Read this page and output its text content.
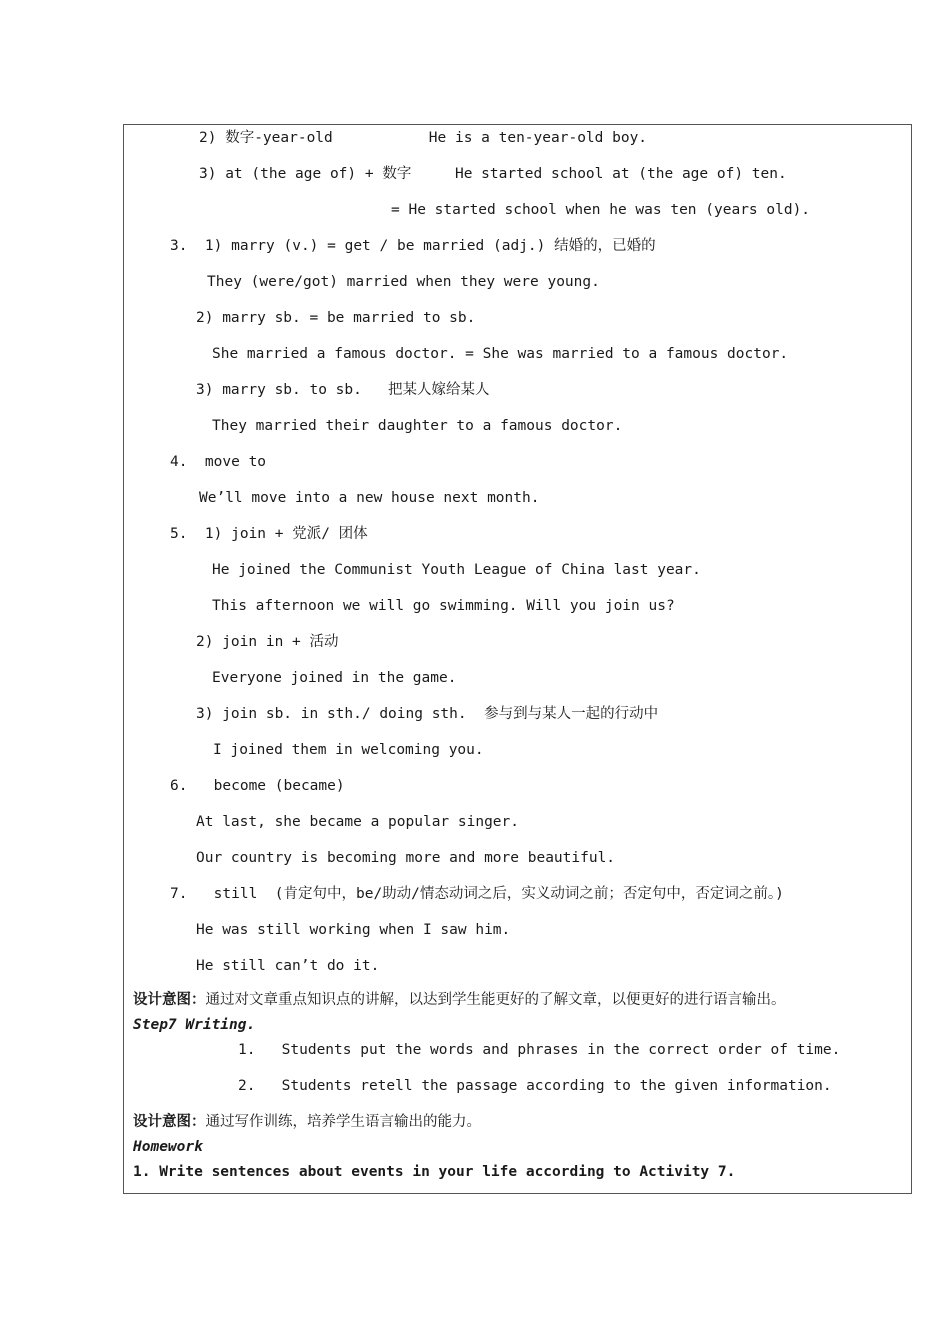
2) 数字-year-old           He is a ten-year-old boy.
3) at (the age of) + 数字     He started school at (the age of) ten.
= He started school when he was ten (years old).
3.  1) marry (v.) = get / be married (adj.) 结婚的，已婚的
They (were/got) married when they were young.
2) marry sb. = be married to sb.
She married a famous doctor. = She was married to a famous doctor.
3) marry sb. to sb.   把某人嫁给某人
They married their daughter to a famous doctor.
4.  move to
We’ll move into a new house next month.
5.  1) join + 党派/ 团体
He joined the Communist Youth League of China last year.
This afternoon we will go swimming. Will you join us?
2) join in + 活动
Everyone joined in the game.
3) join sb. in sth./ doing sth.  参与到与某人一起的行动中
I joined them in welcoming you.
6.   become (became)
At last, she became a popular singer.
Our country is becoming more and more beautiful.
7.   still  (肯定句中，be/助动/情态动词之后，实义动词之前；否定句中，否定词之前。)
He was still working when I saw him.
He still can’t do it.
设计意图：通过对文章重点知识点的讲解，以达到学生能更好的了解文章，以便更好的进行语言输出。
Step7 Writing.
1.   Students put the words and phrases in the correct order of time.
2.   Students retell the passage according to the given information.
设计意图：通过写作训练，培养学生语言输出的能力。
Homework
1. Write sentences about events in your life according to Activity 7.
